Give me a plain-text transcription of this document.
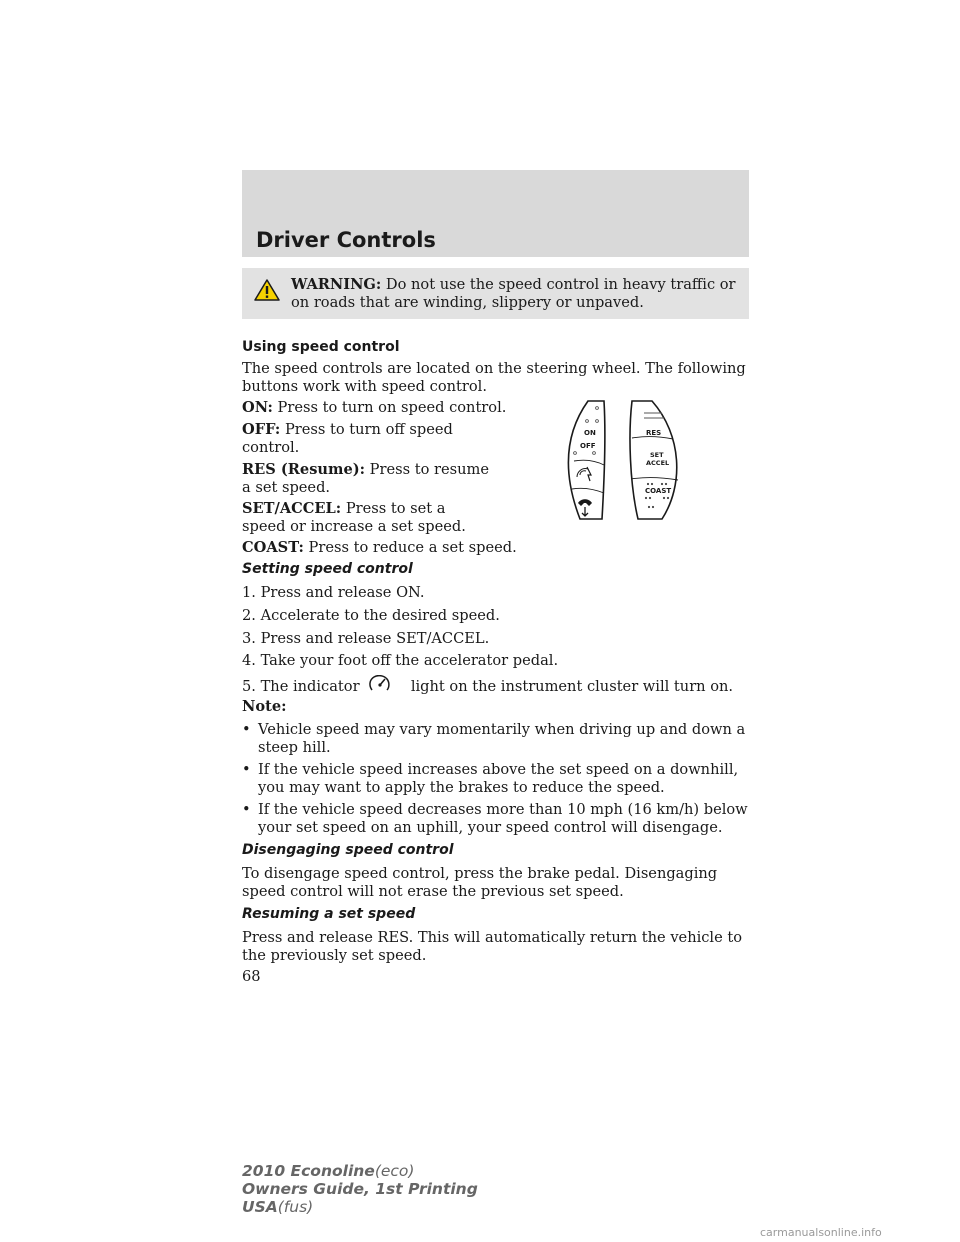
Driver Controls
WARNING: Do not use the speed control in heavy traffic or on roads that are winding, slippery or unpaved.
Using speed control
The speed controls are located on the steering wheel. The following buttons work with speed control.
ON: Press to turn on speed control.
OFF: Press to turn off speed control.
RES (Resume): Press to resume a set speed.
SET/ACCEL: Press to set a speed or increase a set speed.
COAST: Press to reduce a set speed.
ON
OFF
RES
SET
ACCEL
COAST
Setting speed control
1. Press and release ON.
2. Accelerate to the desired speed.
3. Press and release SET/ACCEL.
4. Take your foot off the accelerator pedal.
5. The indicator	light on the instrument cluster will turn on.
Note:
• Vehicle speed may vary momentarily when driving up and down a steep hill.
• If the vehicle speed increases above the set speed on a downhill, you may want to apply the brakes to reduce the speed.
• If the vehicle speed decreases more than 10 mph (16 km/h) below your set speed on an uphill, your speed control will disengage.
Disengaging speed control
To disengage speed control, press the brake pedal. Disengaging speed control will not erase the previous set speed.
Resuming a set speed
Press and release RES. This will automatically return the vehicle to the previously set speed.
68
2010 Econoline(eco)
Owners Guide, 1st Printing
USA(fus)
carmanualsonline.info
